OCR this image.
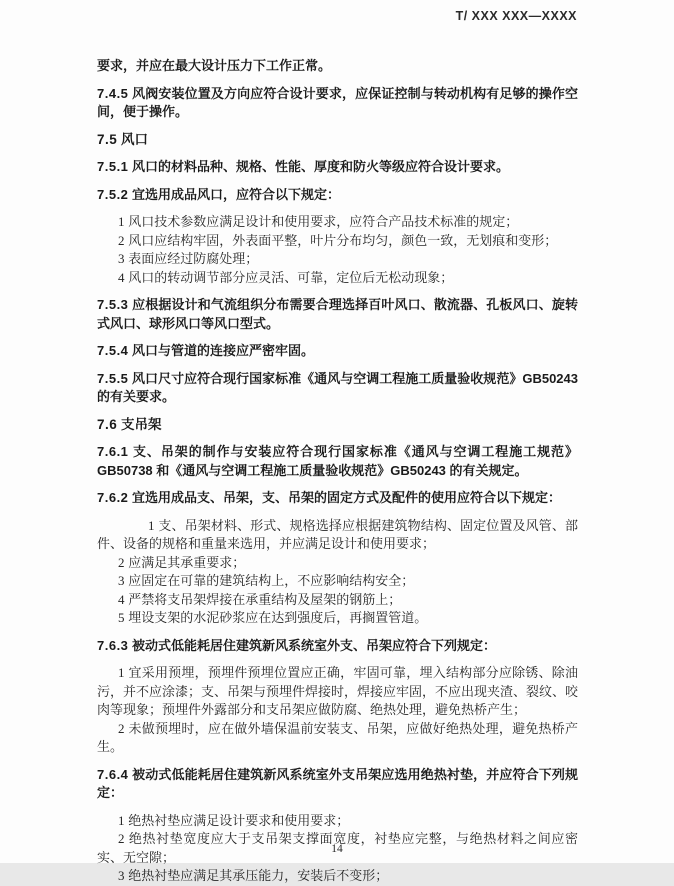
T/ XXX XXX—XXXX

要求，并应在最大设计压力下工作正常。

7.4.5 风阀安装位置及方向应符合设计要求，应保证控制与转动机构有足够的操作空间，便于操作。

7.5 风口

7.5.1 风口的材料品种、规格、性能、厚度和防火等级应符合设计要求。

7.5.2 宜选用成品风口，应符合以下规定：

1 风口技术参数应满足设计和使用要求，应符合产品技术标准的规定；

2 风口应结构牢固，外表面平整，叶片分布均匀，颜色一致，无划痕和变形；

3 表面应经过防腐处理；

4 风口的转动调节部分应灵活、可靠，定位后无松动现象；

7.5.3 应根据设计和气流组织分布需要合理选择百叶风口、散流器、孔板风口、旋转式风口、球形风口等风口型式。

7.5.4 风口与管道的连接应严密牢固。

7.5.5 风口尺寸应符合现行国家标准《通风与空调工程施工质量验收规范》GB50243 的有关要求。

7.6 支吊架

7.6.1 支、吊架的制作与安装应符合现行国家标准《通风与空调工程施工规范》GB50738 和《通风与空调工程施工质量验收规范》GB50243 的有关规定。

7.6.2 宜选用成品支、吊架，支、吊架的固定方式及配件的使用应符合以下规定：

1 支、吊架材料、形式、规格选择应根据建筑物结构、固定位置及风管、部件、设备的规格和重量来选用，并应满足设计和使用要求；

2 应满足其承重要求；

3 应固定在可靠的建筑结构上，不应影响结构安全；

4 严禁将支吊架焊接在承重结构及屋架的钢筋上；

5 埋设支架的水泥砂浆应在达到强度后，再搁置管道。

7.6.3 被动式低能耗居住建筑新风系统室外支、吊架应符合下列规定：

1 宜采用预埋，预埋件预埋位置应正确，牢固可靠，埋入结构部分应除锈、除油污，并不应涂漆；支、吊架与预埋件焊接时，焊接应牢固，不应出现夹渣、裂纹、咬肉等现象；预埋件外露部分和支吊架应做防腐、绝热处理，避免热桥产生；

2 未做预埋时，应在做外墙保温前安装支、吊架，应做好绝热处理，避免热桥产生。

7.6.4 被动式低能耗居住建筑新风系统室外支吊架应选用绝热衬垫，并应符合下列规定：

1 绝热衬垫应满足设计要求和使用要求；

2 绝热衬垫宽度应大于支吊架支撑面宽度，衬垫应完整，与绝热材料之间应密实、无空隙；

3 绝热衬垫应满足其承压能力，安装后不变形；

14
